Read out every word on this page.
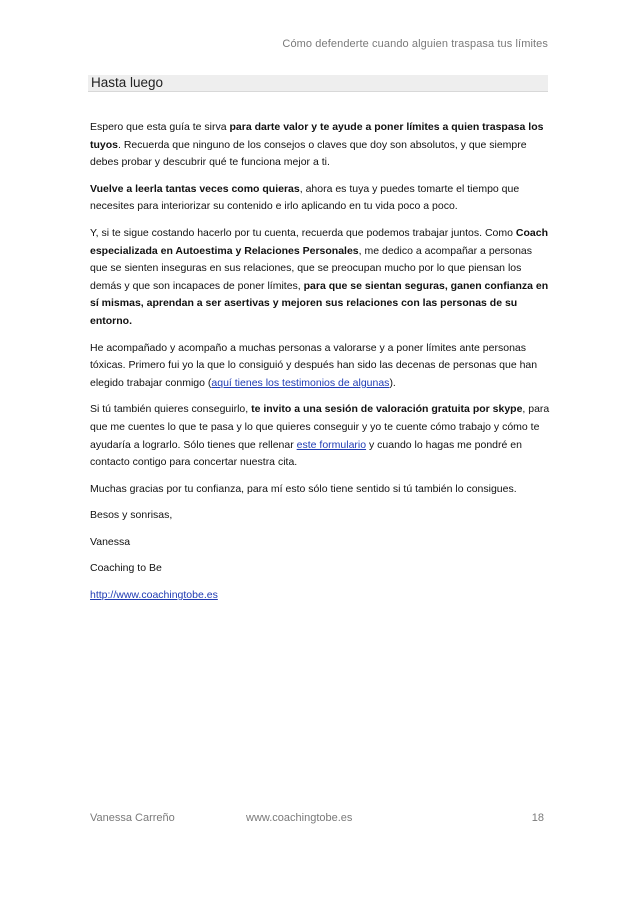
Cómo defenderte cuando alguien traspasa tus límites
Hasta luego

Espero que esta guía te sirva para darte valor y te ayude a poner límites a quien traspasa los tuyos. Recuerda que ninguno de los consejos o claves que doy son absolutos, y que siempre debes probar y descubrir qué te funciona mejor a ti.

Vuelve a leerla tantas veces como quieras, ahora es tuya y puedes tomarte el tiempo que necesites para interiorizar su contenido e irlo aplicando en tu vida poco a poco.

Y, si te sigue costando hacerlo por tu cuenta, recuerda que podemos trabajar juntos. Como Coach especializada en Autoestima y Relaciones Personales, me dedico a acompañar a personas que se sienten inseguras en sus relaciones, que se preocupan mucho por lo que piensan los demás y que son incapaces de poner límites, para que se sientan seguras, ganen confianza en sí mismas, aprendan a ser asertivas y mejoren sus relaciones con las personas de su entorno.

He acompañado y acompaño a muchas personas a valorarse y a poner límites ante personas tóxicas. Primero fui yo la que lo consiguió y después han sido las decenas de personas que han elegido trabajar conmigo (aquí tienes los testimonios de algunas).

Si tú también quieres conseguirlo, te invito a una sesión de valoración gratuita por skype, para que me cuentes lo que te pasa y lo que quieres conseguir y yo te cuente cómo trabajo y cómo te ayudaría a lograrlo. Sólo tienes que rellenar este formulario y cuando lo hagas me pondré en contacto contigo para concertar nuestra cita.

Muchas gracias por tu confianza, para mí esto sólo tiene sentido si tú también lo consigues.

Besos y sonrisas,

Vanessa

Coaching to Be

http://www.coachingtobe.es

Vanessa Carreño	www.coachingtobe.es	18
